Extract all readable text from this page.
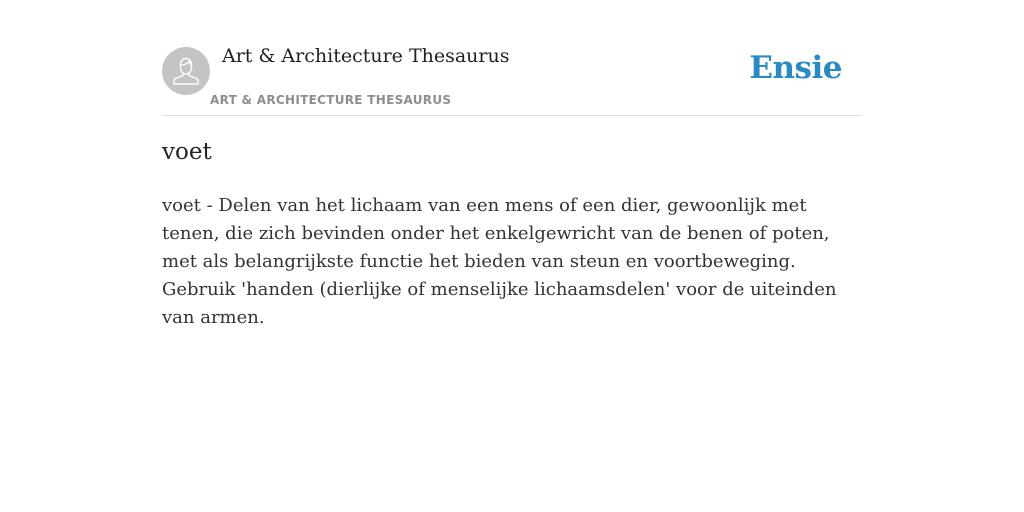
Art & Architecture Thesaurus
ART & ARCHITECTURE THESAURUS
Ensie
voet

voet - Delen van het lichaam van een mens of een dier, gewoonlijk met tenen, die zich bevinden onder het enkelgewricht van de benen of poten, met als belangrijkste functie het bieden van steun en voortbeweging. Gebruik 'handen (dierlijke of menselijke lichaamsdelen' voor de uiteinden van armen.
